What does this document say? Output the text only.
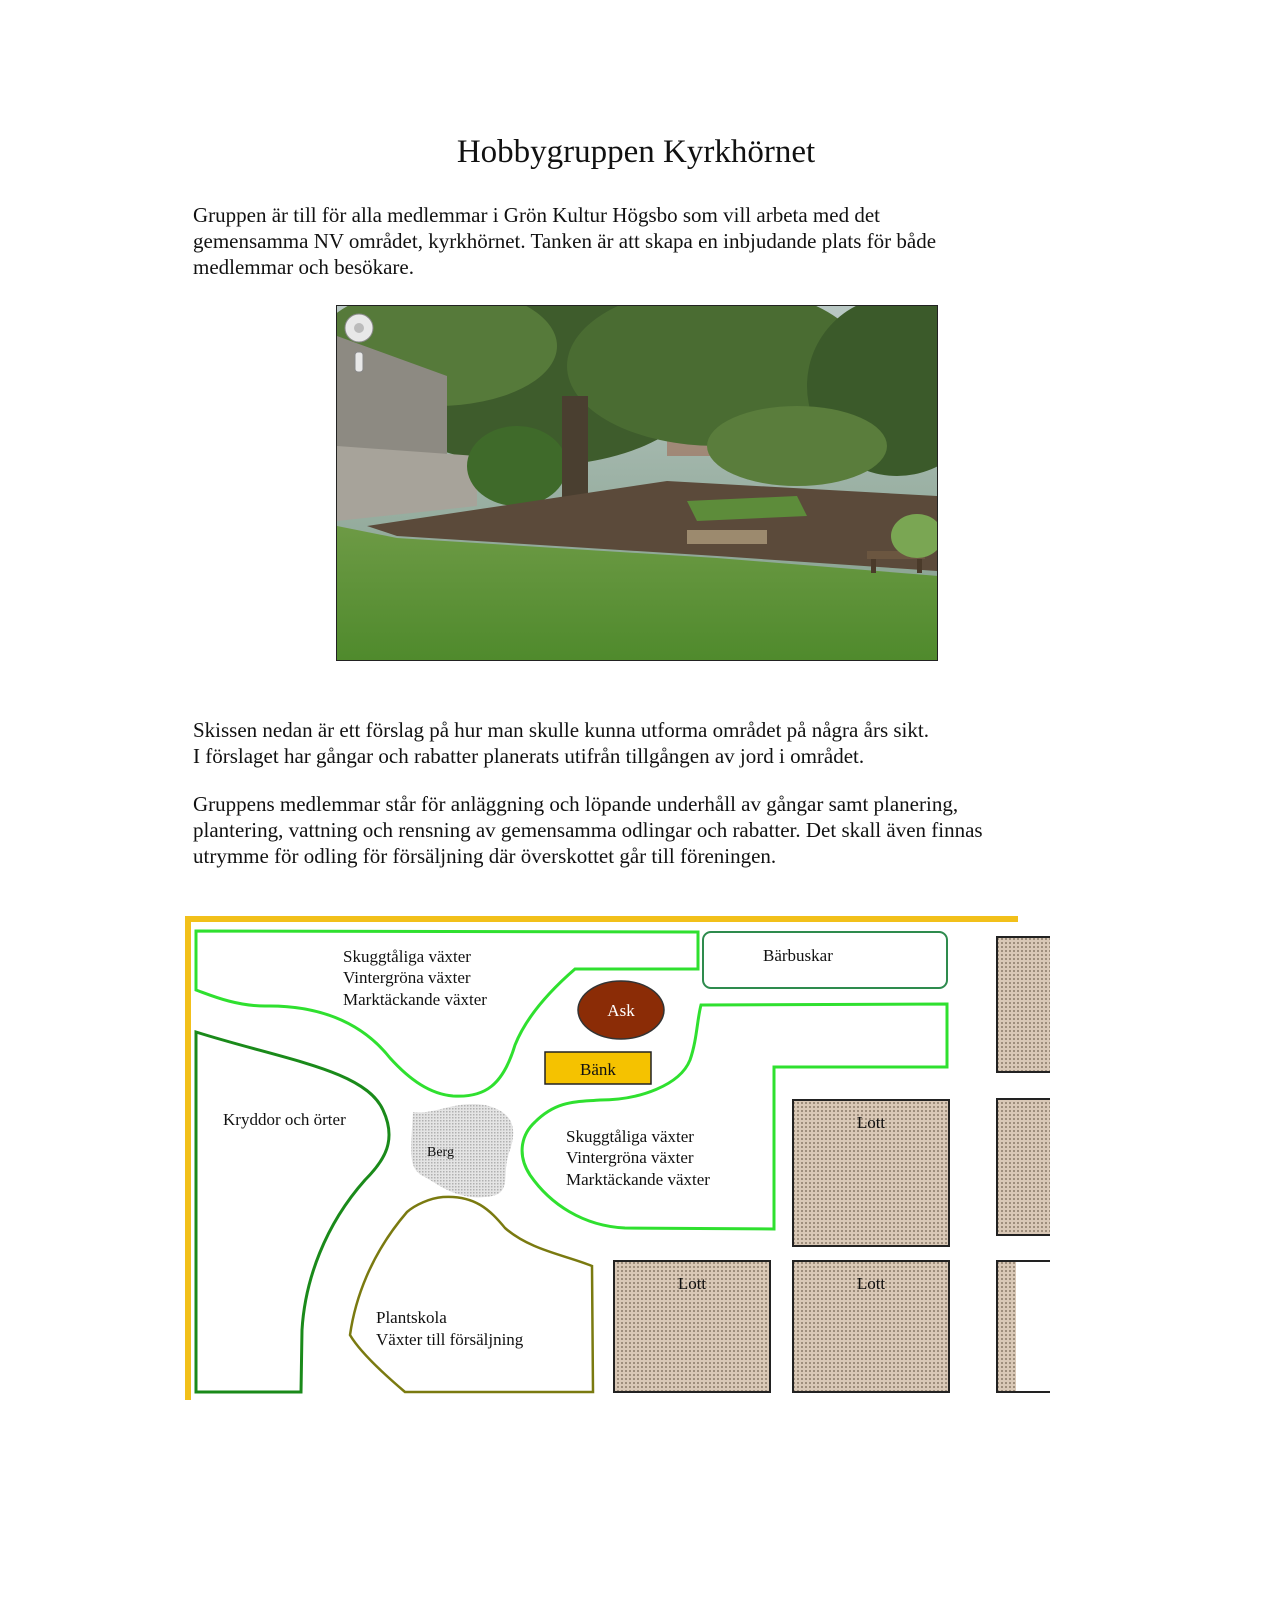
Hobbygruppen Kyrkhörnet

Gruppen är till för alla medlemmar i Grön Kultur Högsbo som vill arbeta med det
gemensamma NV området, kyrkhörnet. Tanken är att skapa en inbjudande plats för både
medlemmar och besökare.

Skissen nedan är ett förslag på hur man skulle kunna utforma området på några års sikt.
I förslaget har gångar och rabatter planerats utifrån tillgången av jord i området.

Gruppens medlemmar står för anläggning och löpande underhåll av gångar samt planering,
plantering, vattning och rensning av gemensamma odlingar och rabatter. Det skall även finnas
utrymme för odling för försäljning där överskottet går till föreningen.

Skuggtåliga växter
Vintergröna växter
Marktäckande växter
Bärbuskar
Ask
Bänk
Kryddor och örter
Berg
Skuggtåliga växter
Vintergröna växter
Marktäckande växter
Lott
Lott	Lott
Plantskola
Växter till försäljning
